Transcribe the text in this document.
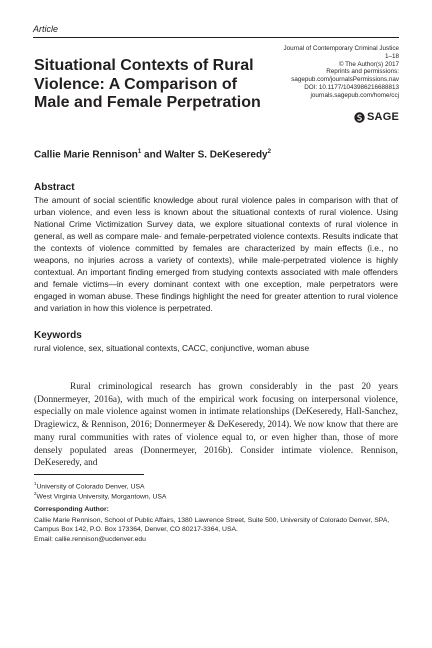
Article
Situational Contexts of Rural Violence: A Comparison of Male and Female Perpetration
Journal of Contemporary Criminal Justice
1–18
© The Author(s) 2017
Reprints and permissions:
sagepub.com/journalsPermissions.nav
DOI: 10.1177/1043986216688813
journals.sagepub.com/home/ccj
SAGE
Callie Marie Rennison$^1$ and Walter S. DeKeseredy$^2$
Abstract

The amount of social scientific knowledge about rural violence pales in comparison with that of urban violence, and even less is known about the situational contexts of rural violence. Using National Crime Victimization Survey data, we explore situational contexts of rural violence in general, as well as compare male- and female-perpetrated violence contexts. Results indicate that the contexts of violence committed by females are characterized by main effects (i.e., no weapons, no injuries across a variety of contexts), while male-perpetrated violence is highly contextual. An important finding emerged from studying contexts associated with male offenders and female victims—in every dominant context with one exception, male perpetrators were engaged in woman abuse. These findings highlight the need for greater attention to rural violence and variation in how this violence is perpetrated.

Keywords
rural violence, sex, situational contexts, CACC, conjunctive, woman abuse

Rural criminological research has grown considerably in the past 20 years (Donnermeyer, 2016a), with much of the empirical work focusing on interpersonal violence, especially on male violence against women in intimate relationships (DeKeseredy, Hall-Sanchez, Dragiewicz, & Rennison, 2016; Donnermeyer & DeKeseredy, 2014). We now know that there are many rural communities with rates of violence equal to, or even higher than, those of more densely populated areas (Donnermeyer, 2016b). Consider intimate violence. Rennison, DeKeseredy, and

$^1$University of Colorado Denver, USA
$^2$West Virginia University, Morgantown, USA
Corresponding Author:

Callie Marie Rennison, School of Public Affairs, 1380 Lawrence Street, Suite 500, University of Colorado Denver, SPA, Campus Box 142, P.O. Box 173364, Denver, CO 80217-3364, USA.

Email: callie.rennison@ucdenver.edu
